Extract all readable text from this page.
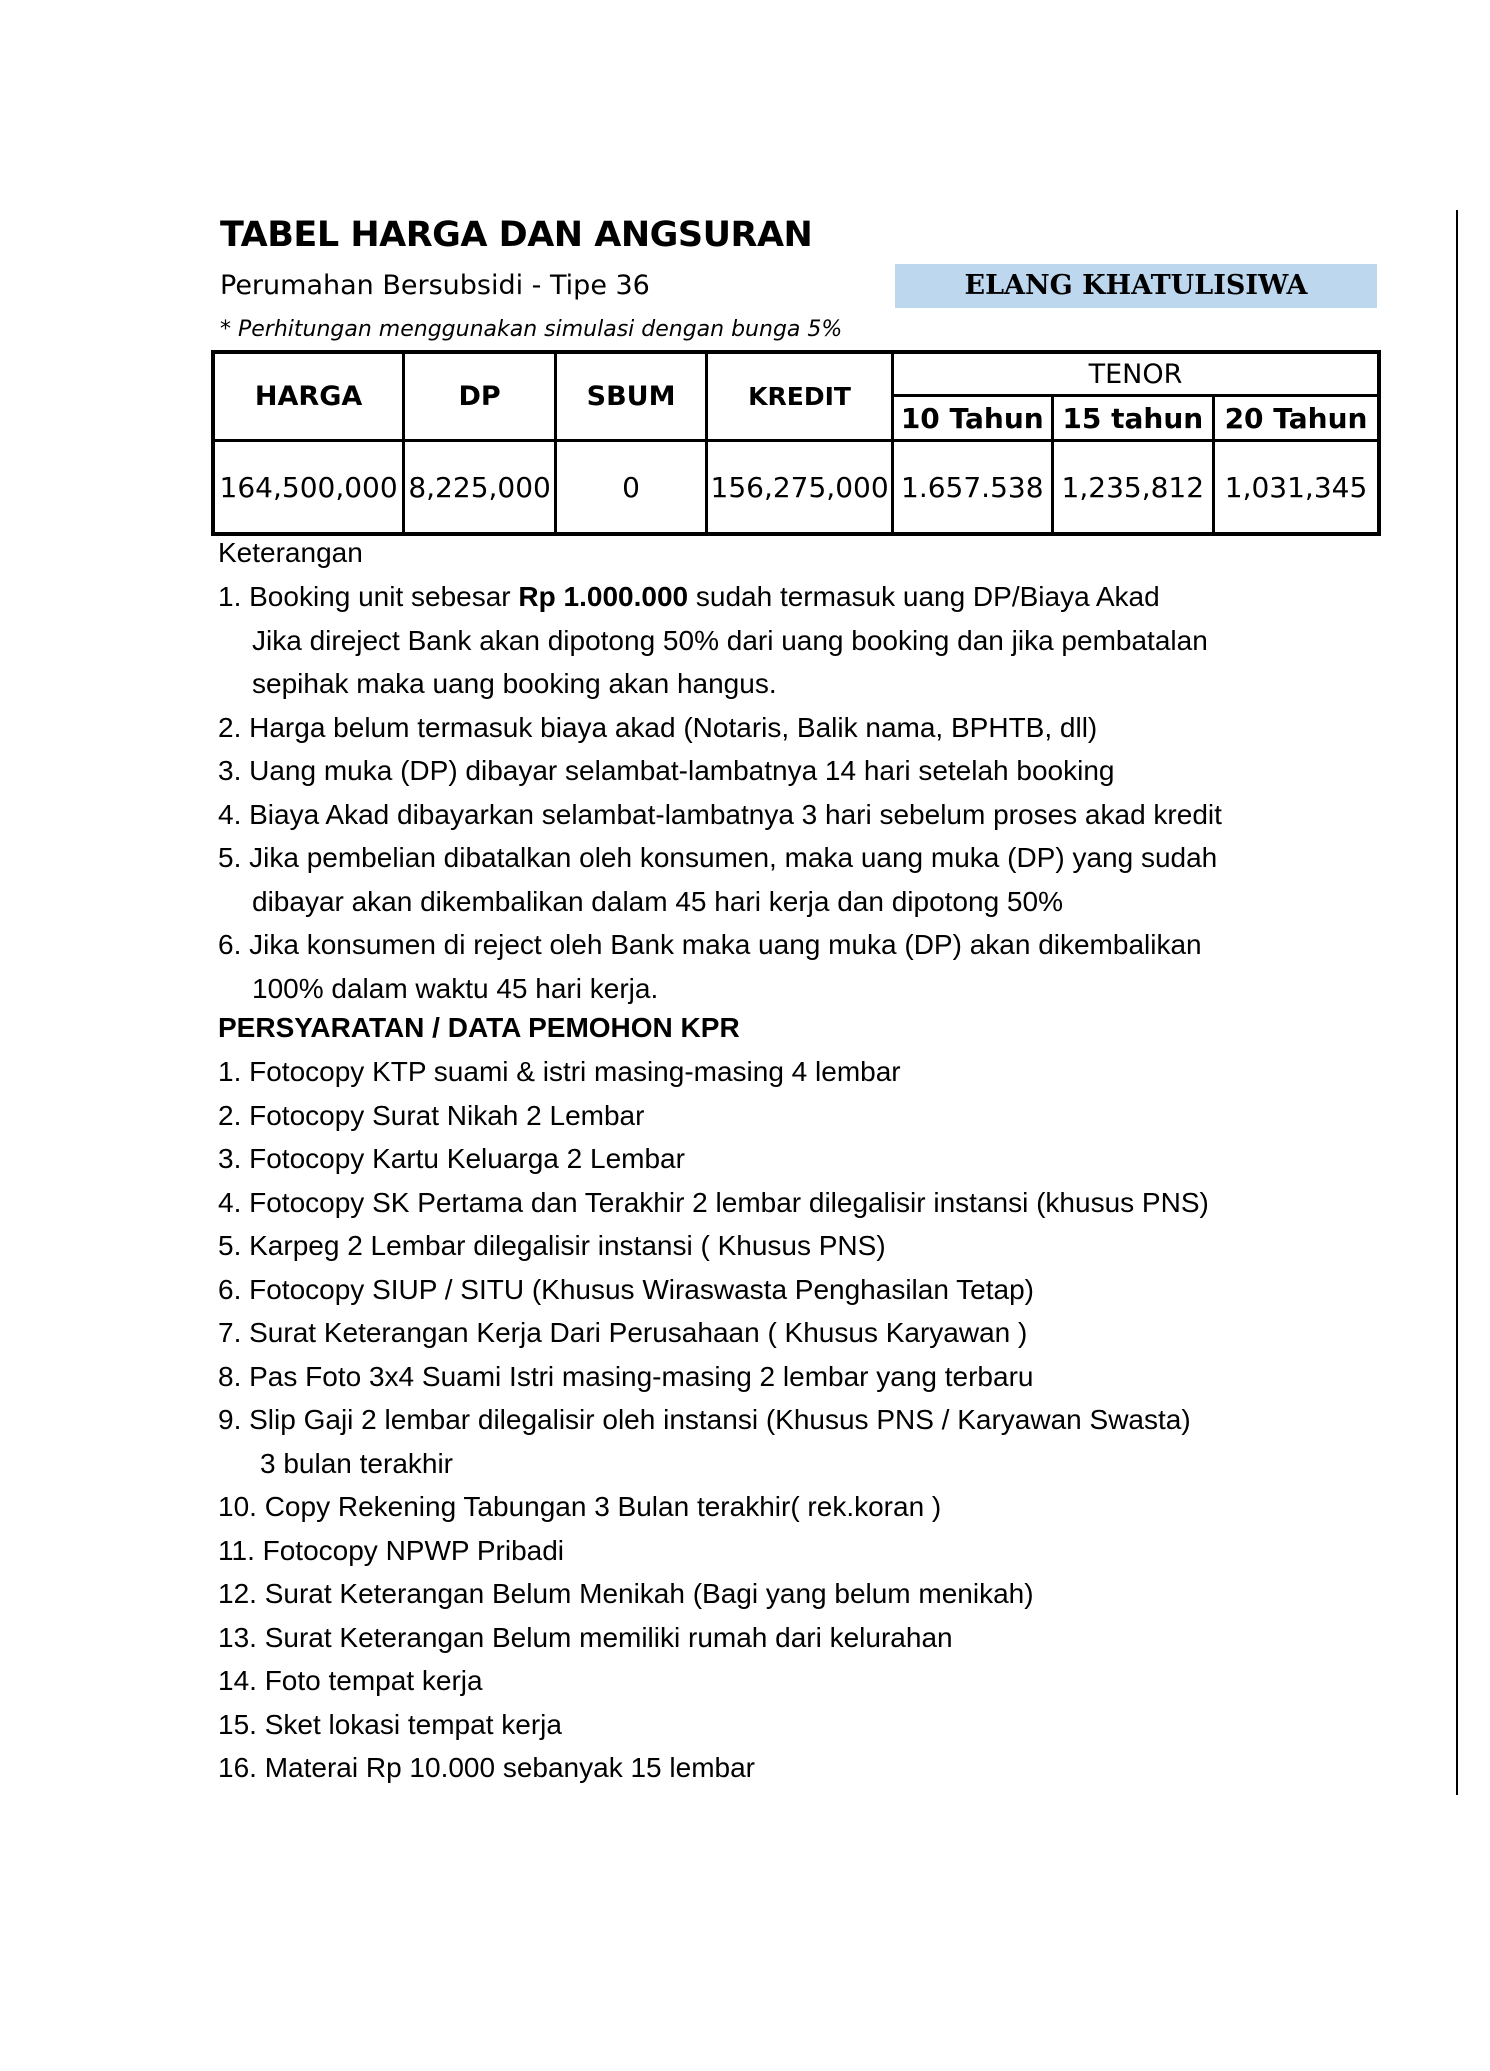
TABEL HARGA DAN ANGSURAN
Perumahan Bersubsidi - Tipe 36	ELANG KHATULISIWA
* Perhitungan menggunakan simulasi dengan bunga 5%
HARGA	DP	SBUM	KREDIT	TENOR		
				10 Tahun	15 tahun	20 Tahun
164,500,000	8,225,000	0	156,275,000	1.657.538	1,235,812	1,031,345
Keterangan
1. Booking unit sebesar Rp 1.000.000 sudah termasuk uang DP/Biaya Akad
Jika direject Bank akan dipotong 50% dari uang booking dan jika pembatalan
sepihak maka uang booking akan hangus.
2. Harga belum termasuk biaya akad (Notaris, Balik nama, BPHTB, dll)
3. Uang muka (DP) dibayar selambat-lambatnya 14 hari setelah booking
4. Biaya Akad dibayarkan selambat-lambatnya 3 hari sebelum proses akad kredit
5. Jika pembelian dibatalkan oleh konsumen, maka uang muka (DP) yang sudah
dibayar akan dikembalikan dalam 45 hari kerja dan dipotong 50%
6. Jika konsumen di reject oleh Bank maka uang muka (DP) akan dikembalikan
100% dalam waktu 45 hari kerja.
PERSYARATAN / DATA PEMOHON KPR
1. Fotocopy KTP suami & istri masing-masing 4 lembar
2. Fotocopy Surat Nikah 2 Lembar
3. Fotocopy Kartu Keluarga 2 Lembar
4. Fotocopy SK Pertama dan Terakhir 2 lembar dilegalisir instansi (khusus PNS)
5. Karpeg 2 Lembar dilegalisir instansi ( Khusus PNS)
6. Fotocopy SIUP / SITU (Khusus Wiraswasta Penghasilan Tetap)
7. Surat Keterangan Kerja Dari Perusahaan ( Khusus Karyawan )
8. Pas Foto 3x4 Suami Istri masing-masing 2 lembar yang terbaru
9. Slip Gaji 2 lembar dilegalisir oleh instansi (Khusus PNS / Karyawan Swasta)
3 bulan terakhir
10. Copy Rekening Tabungan 3 Bulan terakhir( rek.koran )
11. Fotocopy NPWP Pribadi
12. Surat Keterangan Belum Menikah (Bagi yang belum menikah)
13. Surat Keterangan Belum memiliki rumah dari kelurahan
14. Foto tempat kerja
15. Sket lokasi tempat kerja
16. Materai Rp 10.000 sebanyak 15 lembar
